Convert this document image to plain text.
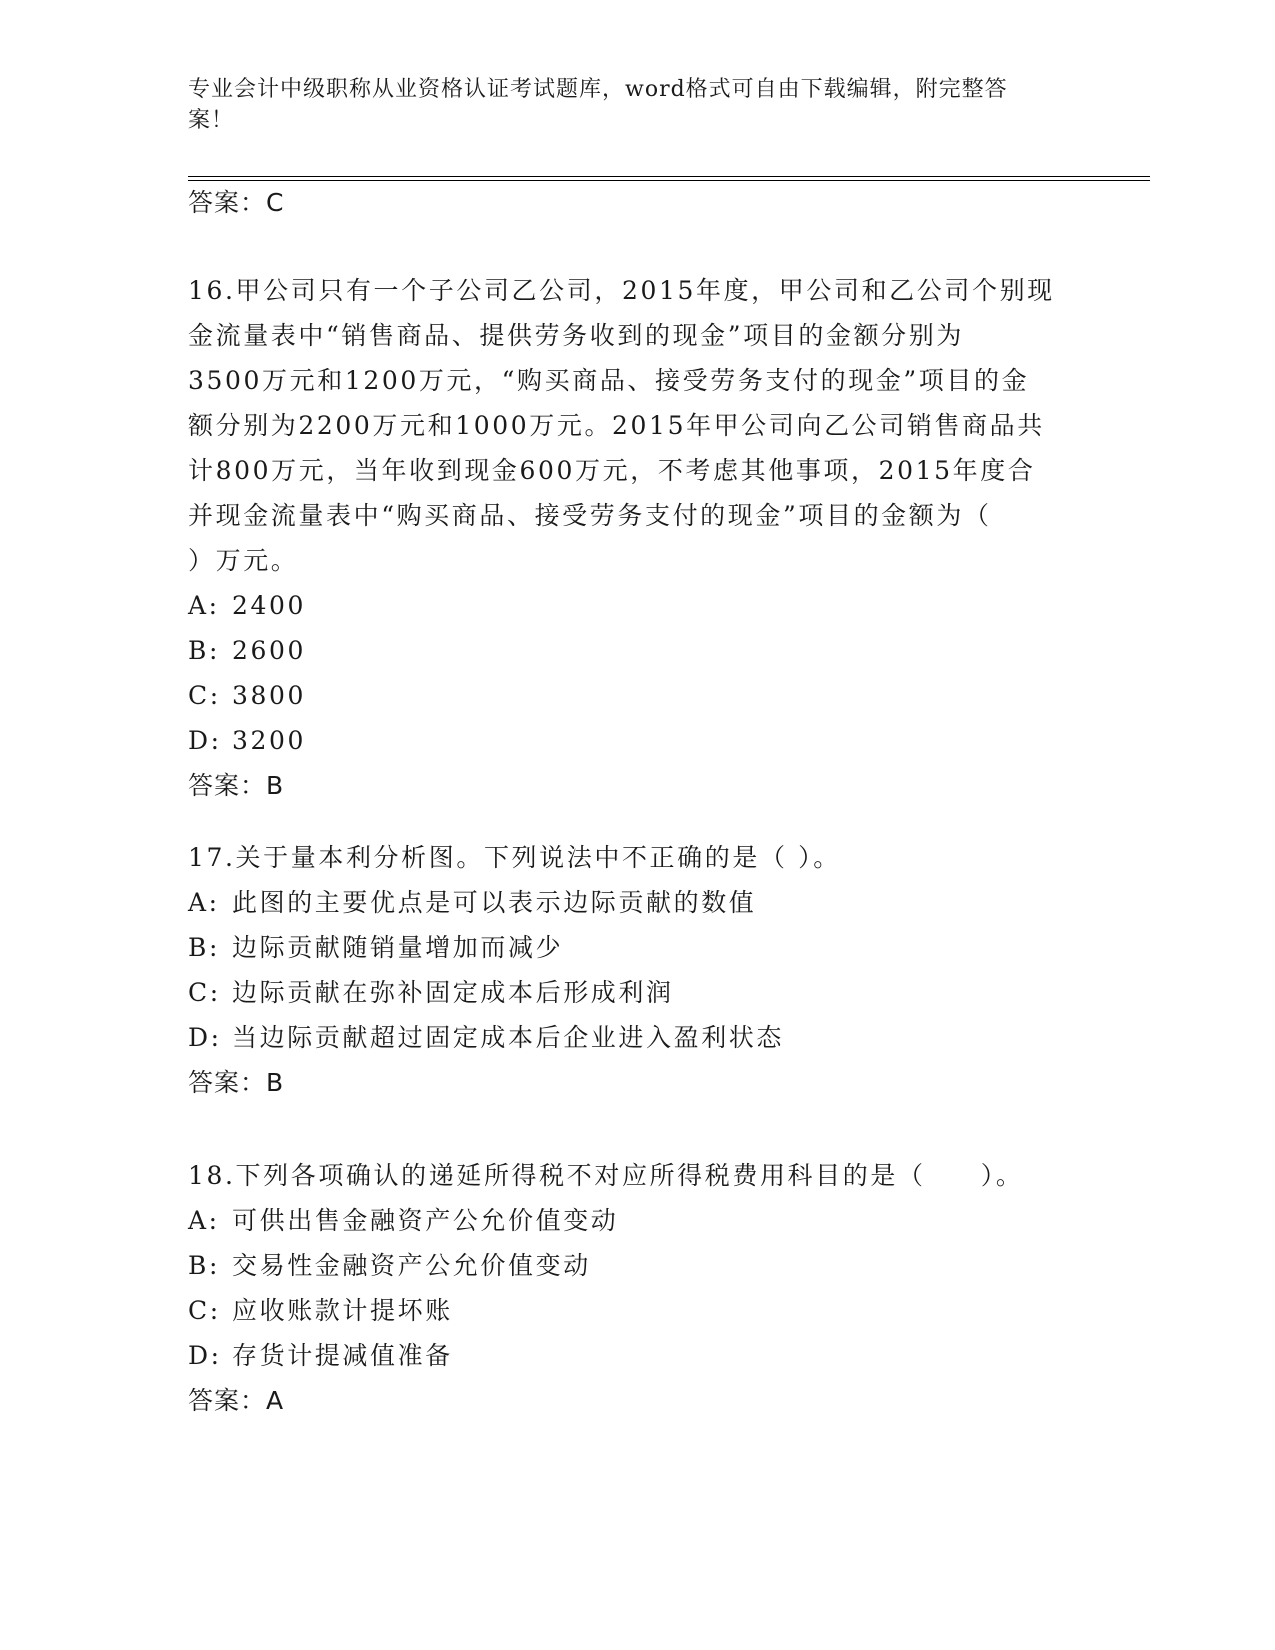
专业会计中级职称从业资格认证考试题库，word格式可自由下载编辑，附完整答
案！
答案：C
16.甲公司只有一个子公司乙公司，2015年度，甲公司和乙公司个别现
金流量表中“销售商品、提供劳务收到的现金”项目的金额分别为
3500万元和1200万元，“购买商品、接受劳务支付的现金”项目的金
额分别为2200万元和1000万元。2015年甲公司向乙公司销售商品共
计800万元，当年收到现金600万元，不考虑其他事项，2015年度合
并现金流量表中“购买商品、接受劳务支付的现金”项目的金额为（
）万元。
A: 2400
B: 2600
C: 3800
D: 3200
答案：B
17.关于量本利分析图。下列说法中不正确的是（ ）。
A: 此图的主要优点是可以表示边际贡献的数值
B: 边际贡献随销量增加而减少
C: 边际贡献在弥补固定成本后形成利润
D: 当边际贡献超过固定成本后企业进入盈利状态
答案：B
18.下列各项确认的递延所得税不对应所得税费用科目的是（　　）。
A: 可供出售金融资产公允价值变动
B: 交易性金融资产公允价值变动
C: 应收账款计提坏账
D: 存货计提减值准备
答案：A
